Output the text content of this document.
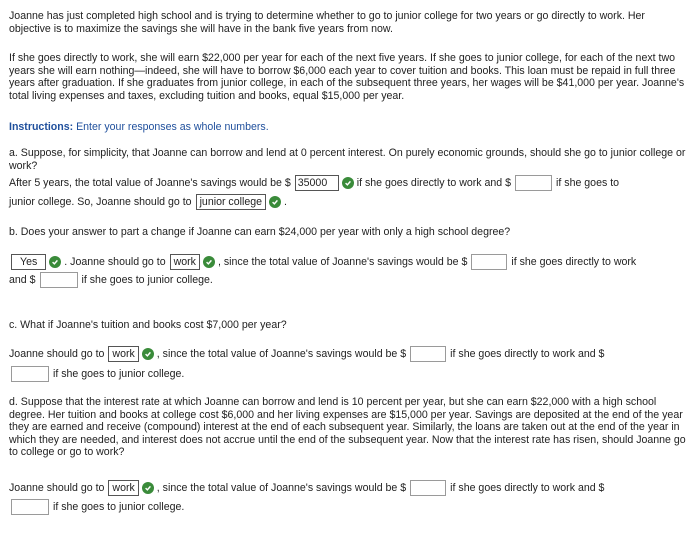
Joanne has just completed high school and is trying to determine whether to go to junior college for two years or go directly to work. Her objective is to maximize the savings she will have in the bank five years from now.

If she goes directly to work, she will earn $22,000 per year for each of the next five years. If she goes to junior college, for each of the next two years she will earn nothing—indeed, she will have to borrow $6,000 each year to cover tuition and books. This loan must be repaid in full three years after graduation. If she graduates from junior college, in each of the subsequent three years, her wages will be $41,000 per year. Joanne's total living expenses and taxes, excluding tuition and books, equal $15,000 per year.

Instructions: Enter your responses as whole numbers.

a. Suppose, for simplicity, that Joanne can borrow and lend at 0 percent interest. On purely economic grounds, should she go to junior college or work?

After 5 years, the total value of Joanne's savings would be $ 35000	if she goes directly to work and $	if she goes to
junior college. So, Joanne should go to junior college	.

b. Does your answer to part a change if Joanne can earn $24,000 per year with only a high school degree?

Yes	. Joanne should go to work	, since the total value of Joanne's savings would be $	if she goes directly to work
and $	if she goes to junior college.

c. What if Joanne's tuition and books cost $7,000 per year?

Joanne should go to work	, since the total value of Joanne's savings would be $	if she goes directly to work and $
if she goes to junior college.

d. Suppose that the interest rate at which Joanne can borrow and lend is 10 percent per year, but she can earn $22,000 with a high school degree. Her tuition and books at college cost $6,000 and her living expenses are $15,000 per year. Savings are deposited at the end of the year they are earned and receive (compound) interest at the end of each subsequent year. Similarly, the loans are taken out at the end of the year in which they are needed, and interest does not accrue until the end of the subsequent year. Now that the interest rate has risen, should Joanne go to college or go to work?

Joanne should go to work	, since the total value of Joanne's savings would be $	if she goes directly to work and $
if she goes to junior college.
